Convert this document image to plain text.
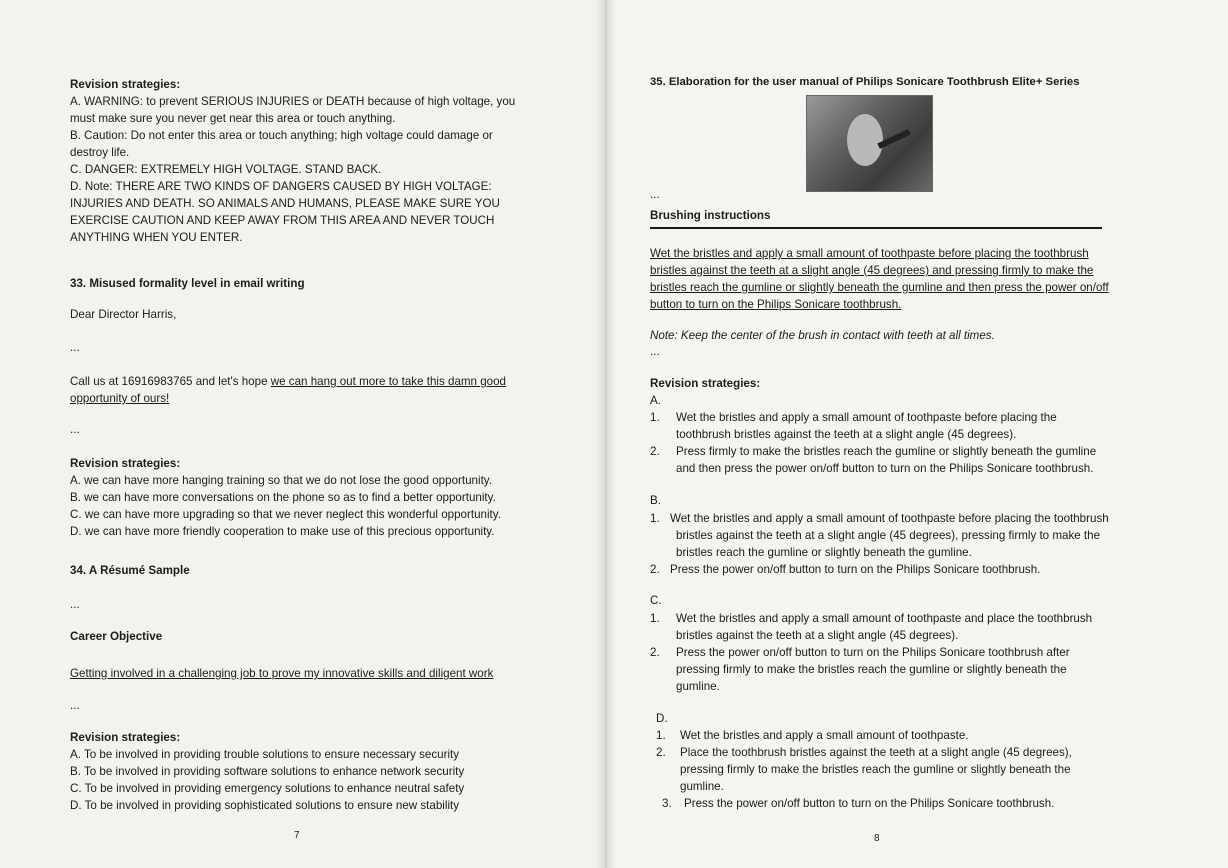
Revision strategies:
A. WARNING: to prevent SERIOUS INJURIES or DEATH because of high voltage, you
must make sure you never get near this area or touch anything.
B. Caution: Do not enter this area or touch anything; high voltage could damage or
destroy life.
C. DANGER: EXTREMELY HIGH VOLTAGE. STAND BACK.
D. Note: THERE ARE TWO KINDS OF DANGERS CAUSED BY HIGH VOLTAGE:
INJURIES AND DEATH. SO ANIMALS AND HUMANS, PLEASE MAKE SURE YOU
EXERCISE CAUTION AND KEEP AWAY FROM THIS AREA AND NEVER TOUCH
ANYTHING WHEN YOU ENTER.
33. Misused formality level in email writing
Dear Director Harris,
...
Call us at 16916983765 and let's hope we can hang out more to take this damn good
opportunity of ours!
...
Revision strategies:
A. we can have more hanging training so that we do not lose the good opportunity.
B. we can have more conversations on the phone so as to find a better opportunity.
C. we can have more upgrading so that we never neglect this wonderful opportunity.
D. we can have more friendly cooperation to make use of this precious opportunity.
34. A Résumé Sample
...
Career Objective
Getting involved in a challenging job to prove my innovative skills and diligent work
...
Revision strategies:
A. To be involved in providing trouble solutions to ensure necessary security
B. To be involved in providing software solutions to enhance network security
C. To be involved in providing emergency solutions to enhance neutral safety
D. To be involved in providing sophisticated solutions to ensure new stability
7
35. Elaboration for the user manual of Philips Sonicare Toothbrush Elite+ Series
...
Brushing instructions
Wet the bristles and apply a small amount of toothpaste before placing the toothbrush
bristles against the teeth at a slight angle (45 degrees) and pressing firmly to make the
bristles reach the gumline or slightly beneath the gumline and then press the power on/off
button to turn on the Philips Sonicare toothbrush.
Note: Keep the center of the brush in contact with teeth at all times.
...
Revision strategies:
A.
1. Wet the bristles and apply a small amount of toothpaste before placing the
toothbrush bristles against the teeth at a slight angle (45 degrees).
2. Press firmly to make the bristles reach the gumline or slightly beneath the gumline
and then press the power on/off button to turn on the Philips Sonicare toothbrush.
B.
1. Wet the bristles and apply a small amount of toothpaste before placing the toothbrush
bristles against the teeth at a slight angle (45 degrees), pressing firmly to make the
bristles reach the gumline or slightly beneath the gumline.
2. Press the power on/off button to turn on the Philips Sonicare toothbrush.
C.
1. Wet the bristles and apply a small amount of toothpaste and place the toothbrush
bristles against the teeth at a slight angle (45 degrees).
2. Press the power on/off button to turn on the Philips Sonicare toothbrush after
pressing firmly to make the bristles reach the gumline or slightly beneath the
gumline.
D.
1. Wet the bristles and apply a small amount of toothpaste.
2. Place the toothbrush bristles against the teeth at a slight angle (45 degrees),
pressing firmly to make the bristles reach the gumline or slightly beneath the
gumline.
3. Press the power on/off button to turn on the Philips Sonicare toothbrush.
8
